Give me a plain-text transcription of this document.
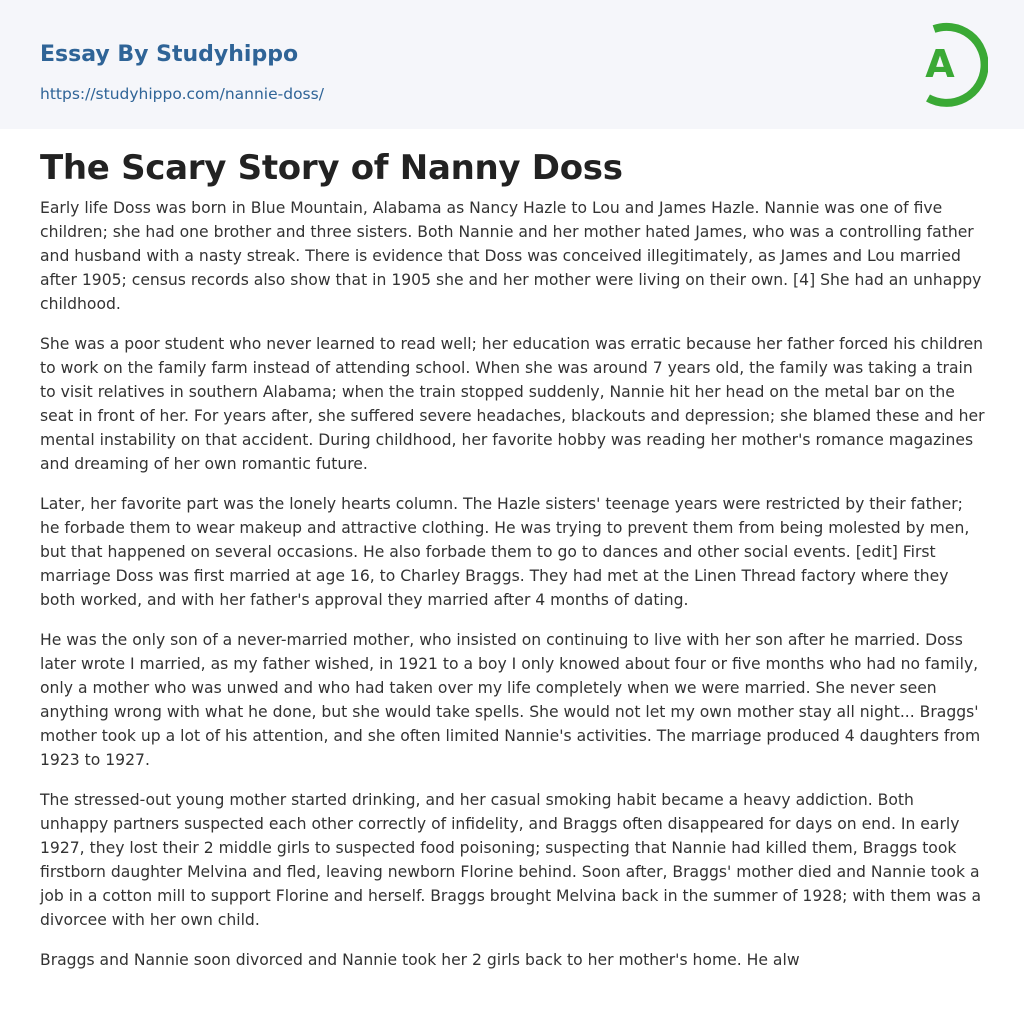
Essay By Studyhippo
https://studyhippo.com/nannie-doss/
A
The Scary Story of Nanny Doss

Early life Doss was born in Blue Mountain, Alabama as Nancy Hazle to Lou and James Hazle. Nannie was one of five children; she had one brother and three sisters. Both Nannie and her mother hated James, who was a controlling father and husband with a nasty streak. There is evidence that Doss was conceived illegitimately, as James and Lou married after 1905; census records also show that in 1905 she and her mother were living on their own. [4] She had an unhappy childhood.

She was a poor student who never learned to read well; her education was erratic because her father forced his children to work on the family farm instead of attending school. When she was around 7 years old, the family was taking a train to visit relatives in southern Alabama; when the train stopped suddenly, Nannie hit her head on the metal bar on the seat in front of her. For years after, she suffered severe headaches, blackouts and depression; she blamed these and her mental instability on that accident. During childhood, her favorite hobby was reading her mother's romance magazines and dreaming of her own romantic future.

Later, her favorite part was the lonely hearts column. The Hazle sisters' teenage years were restricted by their father; he forbade them to wear makeup and attractive clothing. He was trying to prevent them from being molested by men, but that happened on several occasions. He also forbade them to go to dances and other social events. [edit] First marriage Doss was first married at age 16, to Charley Braggs. They had met at the Linen Thread factory where they both worked, and with her father's approval they married after 4 months of dating.

He was the only son of a never-married mother, who insisted on continuing to live with her son after he married. Doss later wrote I married, as my father wished, in 1921 to a boy I only knowed about four or five months who had no family, only a mother who was unwed and who had taken over my life completely when we were married. She never seen anything wrong with what he done, but she would take spells. She would not let my own mother stay all night... Braggs' mother took up a lot of his attention, and she often limited Nannie's activities. The marriage produced 4 daughters from 1923 to 1927.

The stressed-out young mother started drinking, and her casual smoking habit became a heavy addiction. Both unhappy partners suspected each other correctly of infidelity, and Braggs often disappeared for days on end. In early 1927, they lost their 2 middle girls to suspected food poisoning; suspecting that Nannie had killed them, Braggs took firstborn daughter Melvina and fled, leaving newborn Florine behind. Soon after, Braggs' mother died and Nannie took a job in a cotton mill to support Florine and herself. Braggs brought Melvina back in the summer of 1928; with them was a divorcee with her own child.

Braggs and Nannie soon divorced and Nannie took her 2 girls back to her mother's home. He alw
